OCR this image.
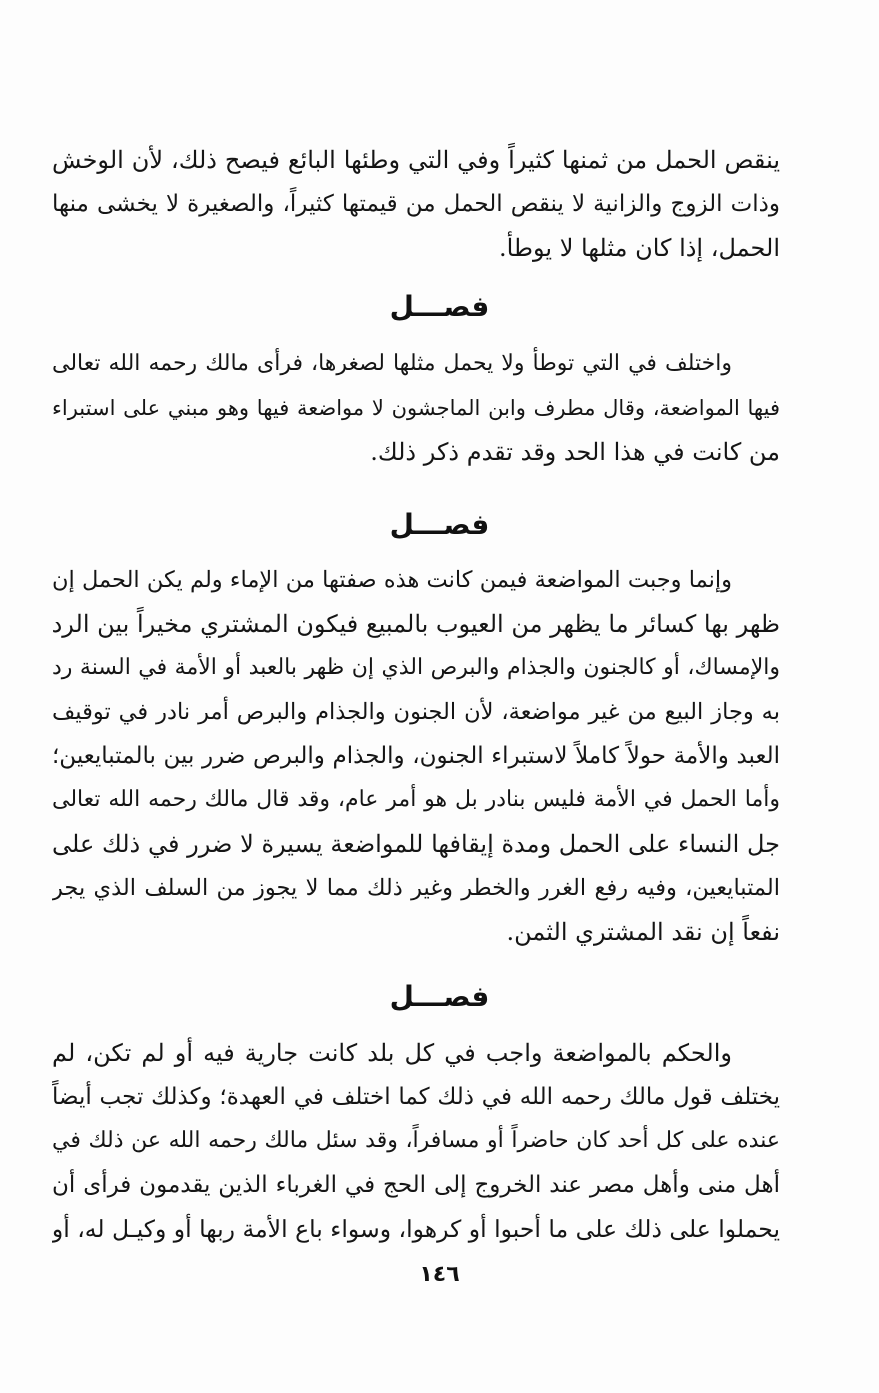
ينقص الحمل من ثمنها كثيراً وفي التي وطئها البائع فيصح ذلك، لأن الوخش
وذات الزوج والزانية لا ينقص الحمل من قيمتها كثيراً، والصغيرة لا يخشى منها
الحمل، إذا كان مثلها لا يوطأ.
فصـــل
واختلف في التي توطأ ولا يحمل مثلها لصغرها، فرأى مالك رحمه الله تعالى
فيها المواضعة، وقال مطرف وابن الماجشون لا مواضعة فيها وهو مبني على استبراء
من كانت في هذا الحد وقد تقدم ذكر ذلك.
فصـــل
وإنما وجبت المواضعة فيمن كانت هذه صفتها من الإماء ولم يكن الحمل إن
ظهر بها كسائر ما يظهر من العيوب بالمبيع فيكون المشتري مخيراً بين الرد
والإمساك، أو كالجنون والجذام والبرص الذي إن ظهر بالعبد أو الأمة في السنة رد
به وجاز البيع من غير مواضعة، لأن الجنون والجذام والبرص أمر نادر في توقيف
العبد والأمة حولاً كاملاً لاستبراء الجنون، والجذام والبرص ضرر بين بالمتبايعين؛
وأما الحمل في الأمة فليس بنادر بل هو أمر عام، وقد قال مالك رحمه الله تعالى
جل النساء على الحمل ومدة إيقافها للمواضعة يسيرة لا ضرر في ذلك على
المتبايعين، وفيه رفع الغرر والخطر وغير ذلك مما لا يجوز من السلف الذي يجر
نفعاً إن نقد المشتري الثمن.
فصـــل
والحكم بالمواضعة واجب في كل بلد كانت جارية فيه أو لم تكن، لم
يختلف قول مالك رحمه الله في ذلك كما اختلف في العهدة؛ وكذلك تجب أيضاً
عنده على كل أحد كان حاضراً أو مسافراً، وقد سئل مالك رحمه الله عن ذلك في
أهل منى وأهل مصر عند الخروج إلى الحج في الغرباء الذين يقدمون فرأى أن
يحملوا على ذلك على ما أحبوا أو كرهوا، وسواء باع الأمة ربها أو وكيـل له، أو
١٤٦
